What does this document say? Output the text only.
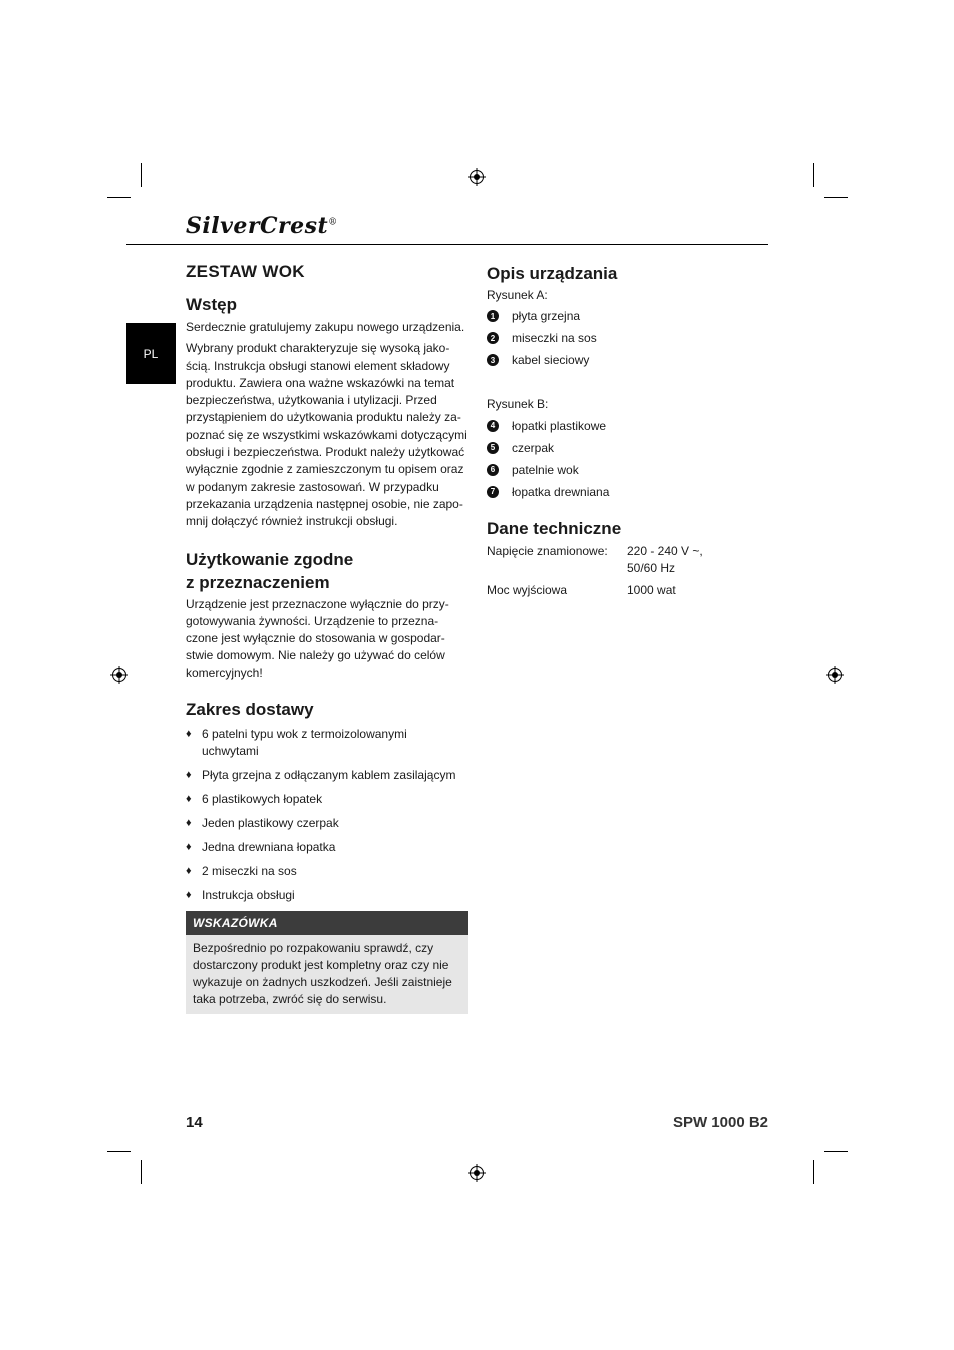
SilverCrest®
PL
ZESTAW WOK
Wstęp

Serdecznie gratulujemy zakupu nowego urządzenia.

Wybrany produkt charakteryzuje się wysoką jako-

ścią. Instrukcja obsługi stanowi element składowy

produktu. Zawiera ona ważne wskazówki na temat

bezpieczeństwa, użytkowania i utylizacji. Przed

przystąpieniem do użytkowania produktu należy za-

poznać się ze wszystkimi wskazówkami dotyczącymi

obsługi i bezpieczeństwa. Produkt należy użytkować

wyłącznie zgodnie z zamieszczonym tu opisem oraz

w podanym zakresie zastosowań. W przypadku

przekazania urządzenia następnej osobie, nie zapo-

mnij dołączyć również instrukcji obsługi.

Użytkowanie zgodne
z przeznaczeniem

Urządzenie jest przeznaczone wyłącznie do przy-

gotowywania żywności. Urządzenie to przezna-

czone jest wyłącznie do stosowania w gospodar-

stwie domowym. Nie należy go używać do celów

komercyjnych!

Zakres dostawy
♦ 6 patelni typu wok z termoizolowanymi
uchwytami
♦ Płyta grzejna z odłączanym kablem zasilającym
♦ 6 plastikowych łopatek
♦ Jeden plastikowy czerpak
♦ Jedna drewniana łopatka
♦ 2 miseczki na sos
♦ Instrukcja obsługi
WSKAZÓWKA
Bezpośrednio po rozpakowaniu sprawdź, czy
dostarczony produkt jest kompletny oraz czy nie
wykazuje on żadnych uszkodzeń. Jeśli zaistnieje
taka potrzeba, zwróć się do serwisu.
Opis urządzania

Rysunek A:

1	płyta grzejna
2	miseczki na sos
3	kabel sieciowy

Rysunek B:

4	łopatki plastikowe
5	czerpak
6	patelnie wok
7	łopatka drewniana
Dane techniczne
Napięcie znamionowe:	220 - 240 V ~,
50/60 Hz
Moc wyjściowa	1000 wat
14	SPW 1000 B2
